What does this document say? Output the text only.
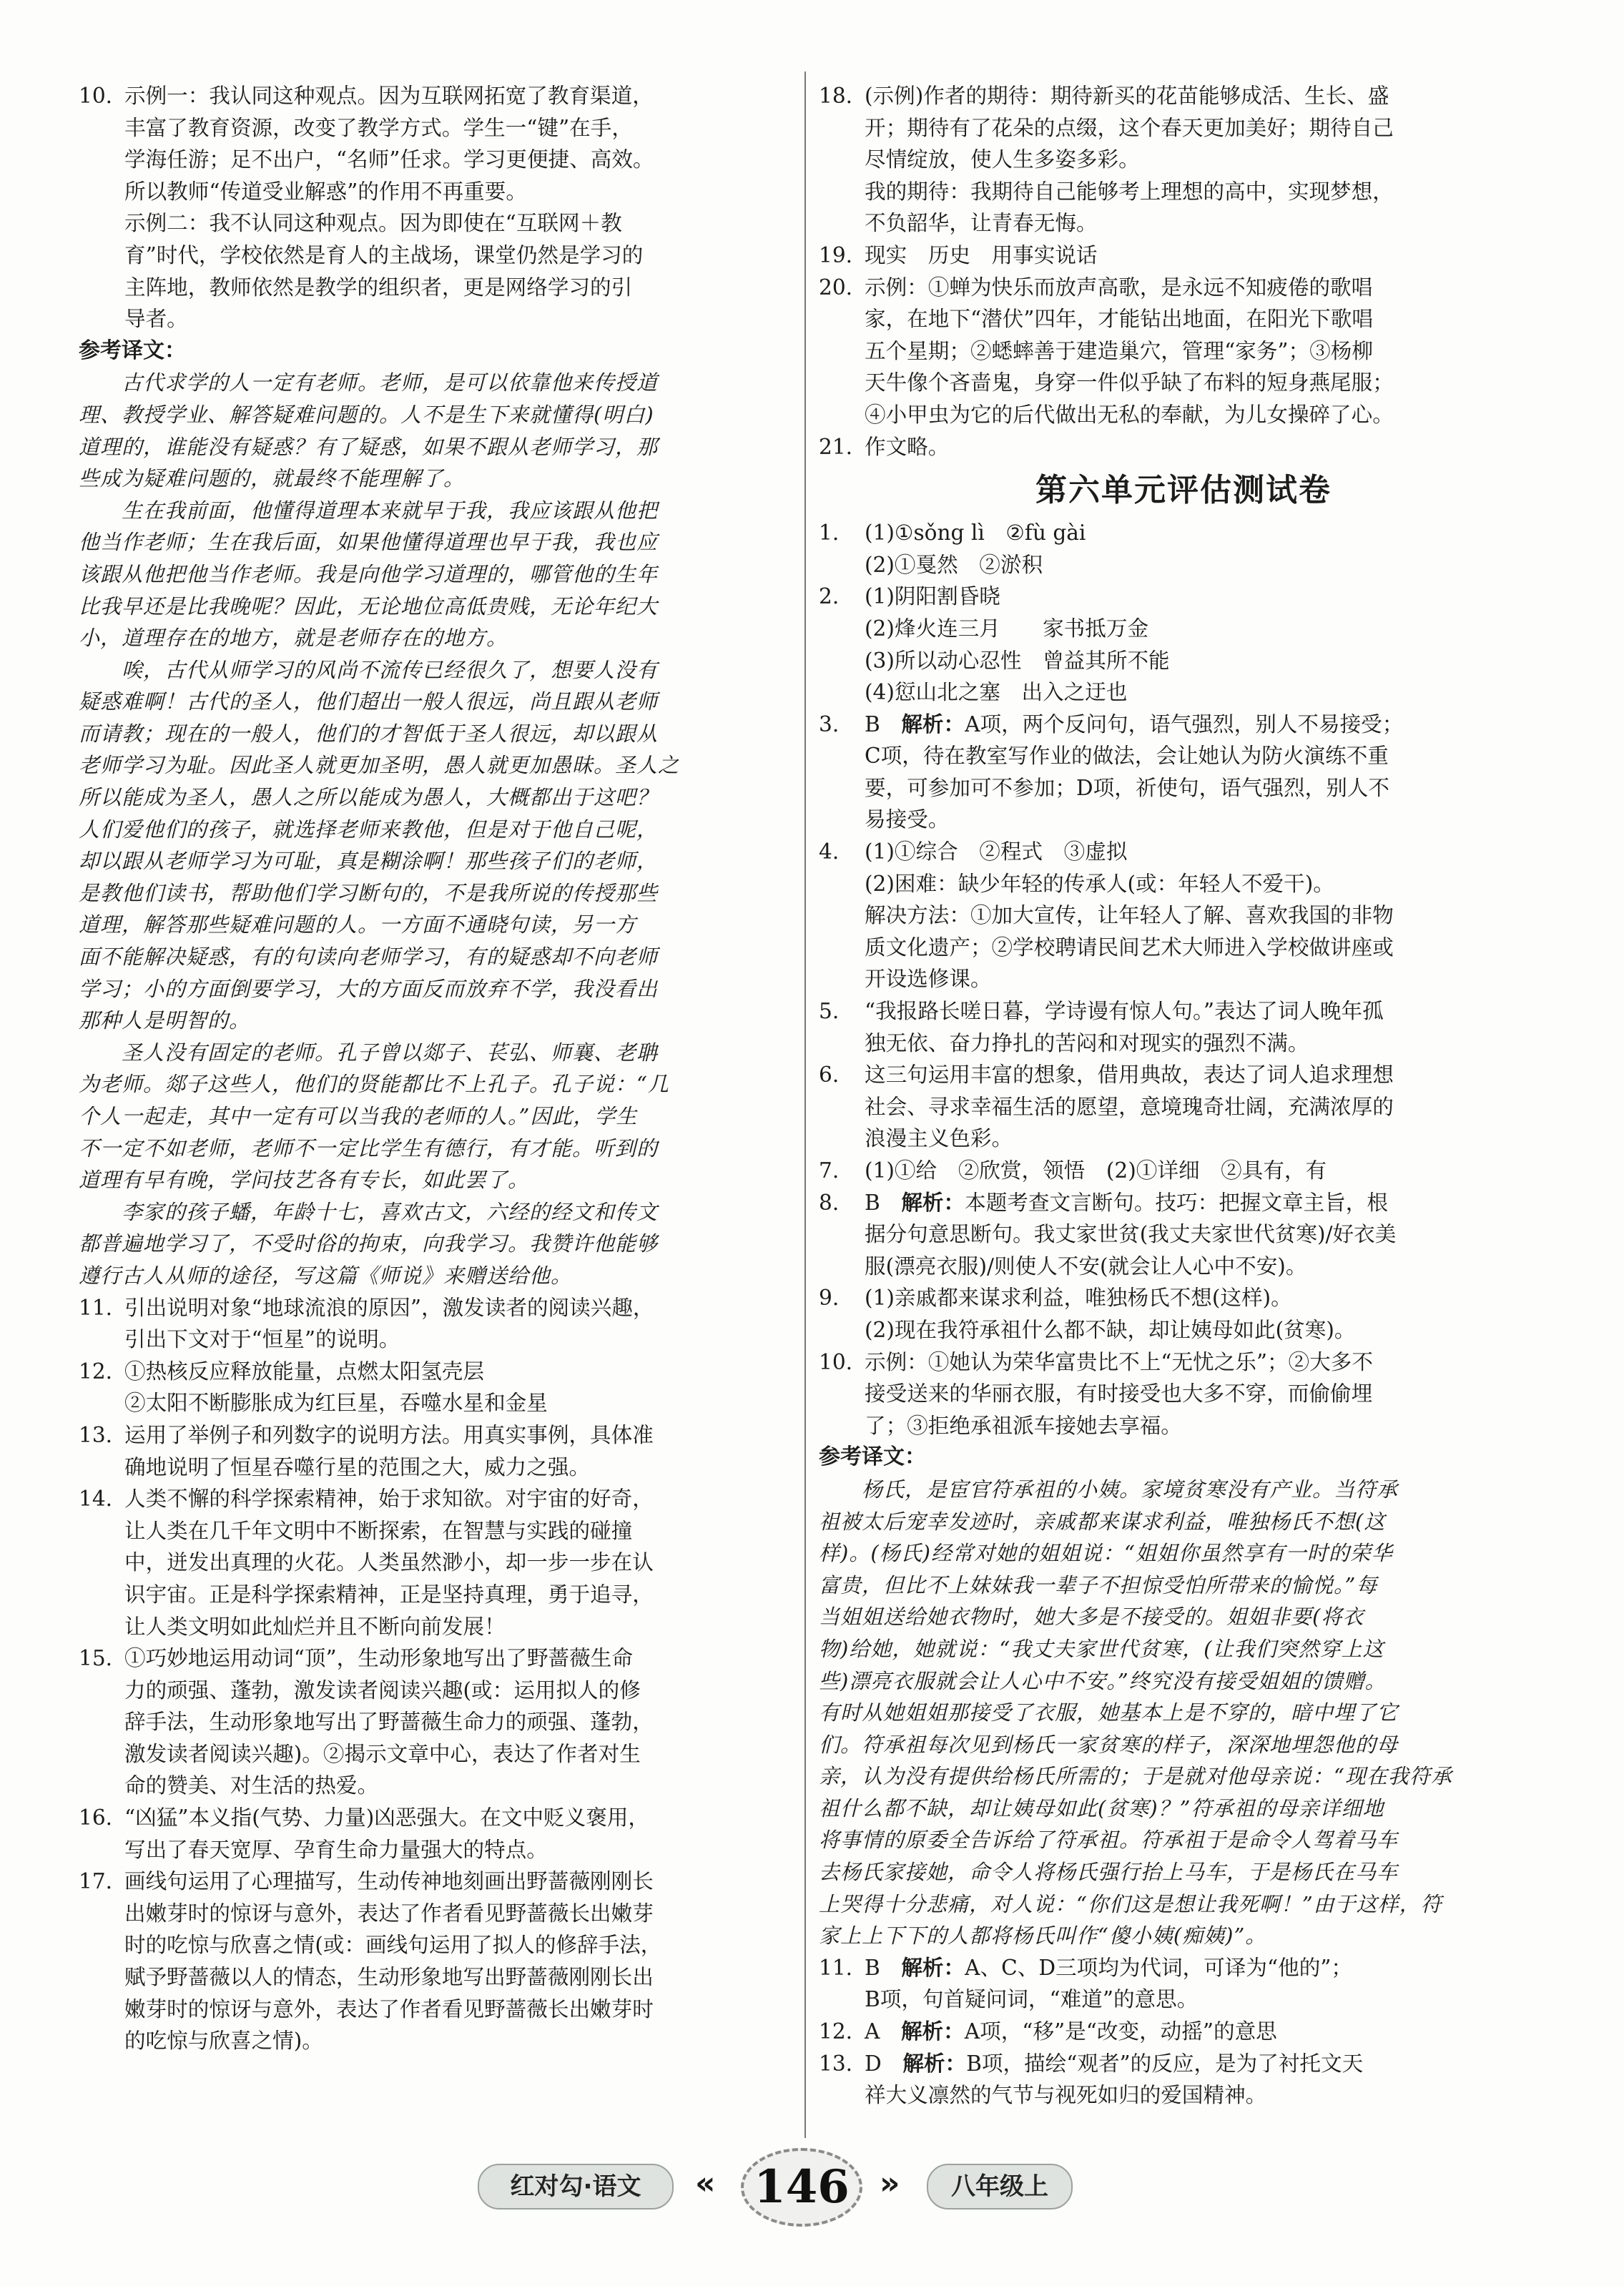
10. 示例一：我认同这种观点。因为互联网拓宽了教育渠道，
丰富了教育资源，改变了教学方式。学生一“键”在手，
学海任游；足不出户，“名师”任求。学习更便捷、高效。
所以教师“传道受业解惑”的作用不再重要。
示例二：我不认同这种观点。因为即使在“互联网＋教
育”时代，学校依然是育人的主战场，课堂仍然是学习的
主阵地，教师依然是教学的组织者，更是网络学习的引
导者。
参考译文：
古代求学的人一定有老师。老师，是可以依靠他来传授道
理、教授学业、解答疑难问题的。人不是生下来就懂得(明白)
道理的，谁能没有疑惑？有了疑惑，如果不跟从老师学习，那
些成为疑难问题的，就最终不能理解了。
生在我前面，他懂得道理本来就早于我，我应该跟从他把
他当作老师；生在我后面，如果他懂得道理也早于我，我也应
该跟从他把他当作老师。我是向他学习道理的，哪管他的生年
比我早还是比我晚呢？因此，无论地位高低贵贱，无论年纪大
小，道理存在的地方，就是老师存在的地方。
唉，古代从师学习的风尚不流传已经很久了，想要人没有
疑惑难啊！古代的圣人，他们超出一般人很远，尚且跟从老师
而请教；现在的一般人，他们的才智低于圣人很远，却以跟从
老师学习为耻。因此圣人就更加圣明，愚人就更加愚昧。圣人之
所以能成为圣人，愚人之所以能成为愚人，大概都出于这吧？
人们爱他们的孩子，就选择老师来教他，但是对于他自己呢，
却以跟从老师学习为可耻，真是糊涂啊！那些孩子们的老师，
是教他们读书，帮助他们学习断句的，不是我所说的传授那些
道理，解答那些疑难问题的人。一方面不通晓句读，另一方
面不能解决疑惑，有的句读向老师学习，有的疑惑却不向老师
学习；小的方面倒要学习，大的方面反而放弃不学，我没看出
那种人是明智的。
圣人没有固定的老师。孔子曾以郯子、苌弘、师襄、老聃
为老师。郯子这些人，他们的贤能都比不上孔子。孔子说：“几
个人一起走，其中一定有可以当我的老师的人。”因此，学生
不一定不如老师，老师不一定比学生有德行，有才能。听到的
道理有早有晚，学问技艺各有专长，如此罢了。
李家的孩子蟠，年龄十七，喜欢古文，六经的经文和传文
都普遍地学习了，不受时俗的拘束，向我学习。我赞许他能够
遵行古人从师的途径，写这篇《师说》来赠送给他。
11. 引出说明对象“地球流浪的原因”，激发读者的阅读兴趣，
引出下文对于“恒星”的说明。
12. ①热核反应释放能量，点燃太阳氢壳层
②太阳不断膨胀成为红巨星，吞噬水星和金星
13. 运用了举例子和列数字的说明方法。用真实事例，具体准
确地说明了恒星吞噬行星的范围之大，威力之强。
14. 人类不懈的科学探索精神，始于求知欲。对宇宙的好奇，
让人类在几千年文明中不断探索，在智慧与实践的碰撞
中，迸发出真理的火花。人类虽然渺小，却一步一步在认
识宇宙。正是科学探索精神，正是坚持真理，勇于追寻，
让人类文明如此灿烂并且不断向前发展！
15. ①巧妙地运用动词“顶”，生动形象地写出了野蔷薇生命
力的顽强、蓬勃，激发读者阅读兴趣(或：运用拟人的修
辞手法，生动形象地写出了野蔷薇生命力的顽强、蓬勃，
激发读者阅读兴趣)。②揭示文章中心，表达了作者对生
命的赞美、对生活的热爱。
16. “凶猛”本义指(气势、力量)凶恶强大。在文中贬义褒用，
写出了春天宽厚、孕育生命力量强大的特点。
17. 画线句运用了心理描写，生动传神地刻画出野蔷薇刚刚长
出嫩芽时的惊讶与意外，表达了作者看见野蔷薇长出嫩芽
时的吃惊与欣喜之情(或：画线句运用了拟人的修辞手法，
赋予野蔷薇以人的情态，生动形象地写出野蔷薇刚刚长出
嫩芽时的惊讶与意外，表达了作者看见野蔷薇长出嫩芽时
的吃惊与欣喜之情)。
18. (示例)作者的期待：期待新买的花苗能够成活、生长、盛
开；期待有了花朵的点缀，这个春天更加美好；期待自己
尽情绽放，使人生多姿多彩。
我的期待：我期待自己能够考上理想的高中，实现梦想，
不负韶华，让青春无悔。
19. 现实　历史　用事实说话
20. 示例：①蝉为快乐而放声高歌，是永远不知疲倦的歌唱
家，在地下“潜伏”四年，才能钻出地面，在阳光下歌唱
五个星期；②蟋蟀善于建造巢穴，管理“家务”；③杨柳
天牛像个吝啬鬼，身穿一件似乎缺了布料的短身燕尾服；
④小甲虫为它的后代做出无私的奉献，为儿女操碎了心。
21. 作文略。
第六单元评估测试卷
1.	(1)①sǒng lì　②fù gài
(2)①戛然　②淤积
2.	(1)阴阳割昏晓
(2)烽火连三月　　家书抵万金
(3)所以动心忍性　曾益其所不能
(4)愆山北之塞　出入之迂也
3.	B　解析：A项，两个反问句，语气强烈，别人不易接受；
C项，待在教室写作业的做法，会让她认为防火演练不重
要，可参加可不参加；D项，祈使句，语气强烈，别人不
易接受。
4.	(1)①综合　②程式　③虚拟
(2)困难：缺少年轻的传承人(或：年轻人不爱干)。
解决方法：①加大宣传，让年轻人了解、喜欢我国的非物
质文化遗产；②学校聘请民间艺术大师进入学校做讲座或
开设选修课。
5.	“我报路长嗟日暮，学诗谩有惊人句。”表达了词人晚年孤
独无依、奋力挣扎的苦闷和对现实的强烈不满。
6.	这三句运用丰富的想象，借用典故，表达了词人追求理想
社会、寻求幸福生活的愿望，意境瑰奇壮阔，充满浓厚的
浪漫主义色彩。
7.	(1)①给　②欣赏，领悟　(2)①详细　②具有，有
8.	B　解析：本题考查文言断句。技巧：把握文章主旨，根
据分句意思断句。我丈家世贫(我丈夫家世代贫寒)/好衣美
服(漂亮衣服)/则使人不安(就会让人心中不安)。
9.	(1)亲戚都来谋求利益，唯独杨氏不想(这样)。
(2)现在我符承祖什么都不缺，却让姨母如此(贫寒)。
10. 示例：①她认为荣华富贵比不上“无忧之乐”；②大多不
接受送来的华丽衣服，有时接受也大多不穿，而偷偷埋
了；③拒绝承祖派车接她去享福。
参考译文：
杨氏，是宦官符承祖的小姨。家境贫寒没有产业。当符承
祖被太后宠幸发迹时，亲戚都来谋求利益，唯独杨氏不想(这
样)。(杨氏)经常对她的姐姐说：“姐姐你虽然享有一时的荣华
富贵，但比不上妹妹我一辈子不担惊受怕所带来的愉悦。”每
当姐姐送给她衣物时，她大多是不接受的。姐姐非要(将衣
物)给她，她就说：“我丈夫家世代贫寒，(让我们突然穿上这
些)漂亮衣服就会让人心中不安。”终究没有接受姐姐的馈赠。
有时从她姐姐那接受了衣服，她基本上是不穿的，暗中埋了它
们。符承祖每次见到杨氏一家贫寒的样子，深深地埋怨他的母
亲，认为没有提供给杨氏所需的；于是就对他母亲说：“现在我符承
祖什么都不缺，却让姨母如此(贫寒)？”符承祖的母亲详细地
将事情的原委全告诉给了符承祖。符承祖于是命令人驾着马车
去杨氏家接她，命令人将杨氏强行抬上马车，于是杨氏在马车
上哭得十分悲痛，对人说：“你们这是想让我死啊！”由于这样，符
家上上下下的人都将杨氏叫作“傻小姨(痴姨)”。
11. B　解析：A、C、D三项均为代词，可译为“他的”；
B项，句首疑问词，“难道”的意思。
12. A　解析：A项，“移”是“改变，动摇”的意思
13. D　解析：B项，描绘“观者”的反应，是为了衬托文天
祥大义凛然的气节与视死如归的爱国精神。
红对勾·语文	« 146 »	八年级上
